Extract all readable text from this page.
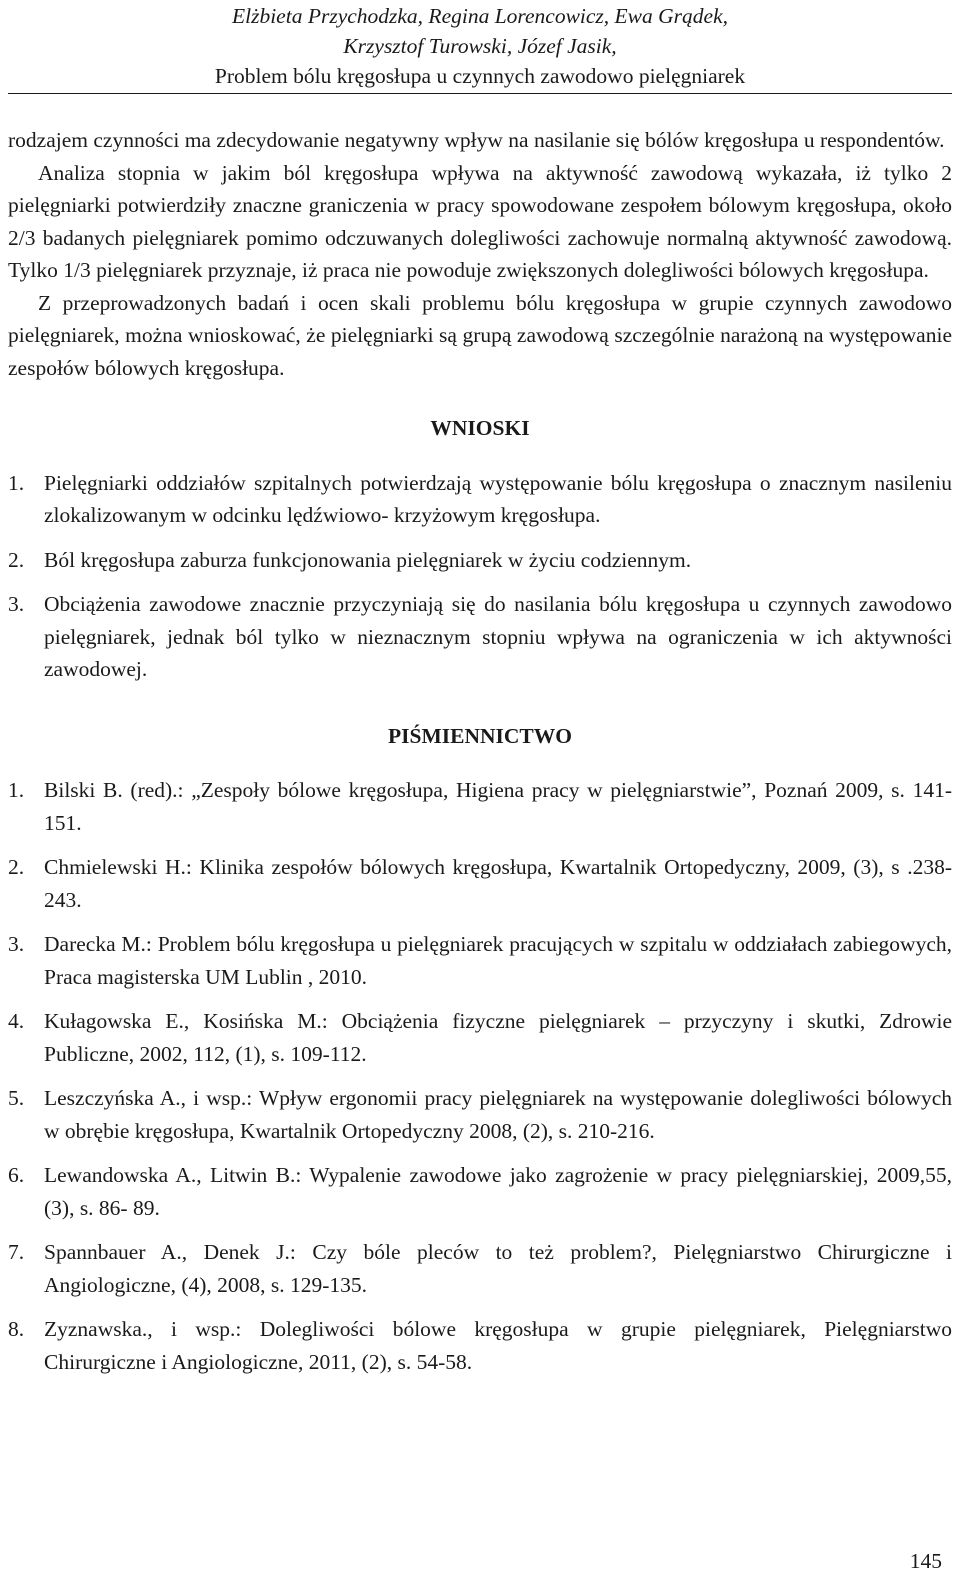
Elżbieta Przychodzka, Regina Lorencowicz, Ewa Grądek,
Krzysztof Turowski, Józef Jasik,
Problem bólu kręgosłupa u czynnych zawodowo pielęgniarek

rodzajem czynności ma zdecydowanie negatywny wpływ na nasilanie się bólów kręgosłupa u respondentów.

Analiza stopnia w jakim ból kręgosłupa wpływa na aktywność zawodową wykazała, iż tylko 2 pielęgniarki potwierdziły znaczne graniczenia w pracy spowodowane zespołem bólowym kręgosłupa, około 2/3 badanych pielęgniarek pomimo odczuwanych dolegliwości zachowuje normalną aktywność zawodową. Tylko 1/3 pielęgniarek przyznaje, iż praca nie powoduje zwiększonych dolegliwości bólowych kręgosłupa.

Z przeprowadzonych badań i ocen skali problemu bólu kręgosłupa w grupie czynnych zawodowo pielęgniarek, można wnioskować, że pielęgniarki są grupą zawodową szczególnie narażoną na występowanie zespołów bólowych kręgosłupa.

WNIOSKI
1. Pielęgniarki oddziałów szpitalnych potwierdzają występowanie bólu kręgosłupa o znacznym nasileniu zlokalizowanym w odcinku lędźwiowo- krzyżowym kręgosłupa.
2. Ból kręgosłupa zaburza funkcjonowania pielęgniarek w życiu codziennym.
3. Obciążenia zawodowe znacznie przyczyniają się do nasilania bólu kręgosłupa u czynnych zawodowo pielęgniarek, jednak ból tylko w nieznacznym stopniu wpływa na ograniczenia w ich aktywności zawodowej.
PIŚMIENNICTWO
1. Bilski B. (red).: „Zespoły bólowe kręgosłupa, Higiena pracy w pielęgniarstwie”, Poznań 2009, s. 141-151.
2. Chmielewski H.: Klinika zespołów bólowych kręgosłupa, Kwartalnik Ortopedyczny, 2009, (3), s .238-243.
3. Darecka M.: Problem bólu kręgosłupa u pielęgniarek pracujących w szpitalu w oddziałach zabiegowych, Praca magisterska UM Lublin , 2010.
4. Kułagowska E., Kosińska M.: Obciążenia fizyczne pielęgniarek – przyczyny i skutki, Zdrowie Publiczne, 2002, 112, (1), s. 109-112.
5. Leszczyńska A., i wsp.: Wpływ ergonomii pracy pielęgniarek na występowanie dolegliwości bólowych w obrębie kręgosłupa, Kwartalnik Ortopedyczny 2008, (2), s. 210-216.
6. Lewandowska A., Litwin B.: Wypalenie zawodowe jako zagrożenie w pracy pielęgniarskiej, 2009,55, (3), s. 86- 89.
7. Spannbauer A., Denek J.: Czy bóle pleców to też problem?, Pielęgniarstwo Chirurgiczne i Angiologiczne, (4), 2008, s. 129-135.
8. Zyznawska., i wsp.: Dolegliwości bólowe kręgosłupa w grupie pielęgniarek, Pielęgniarstwo Chirurgiczne i Angiologiczne, 2011, (2), s. 54-58.
145
